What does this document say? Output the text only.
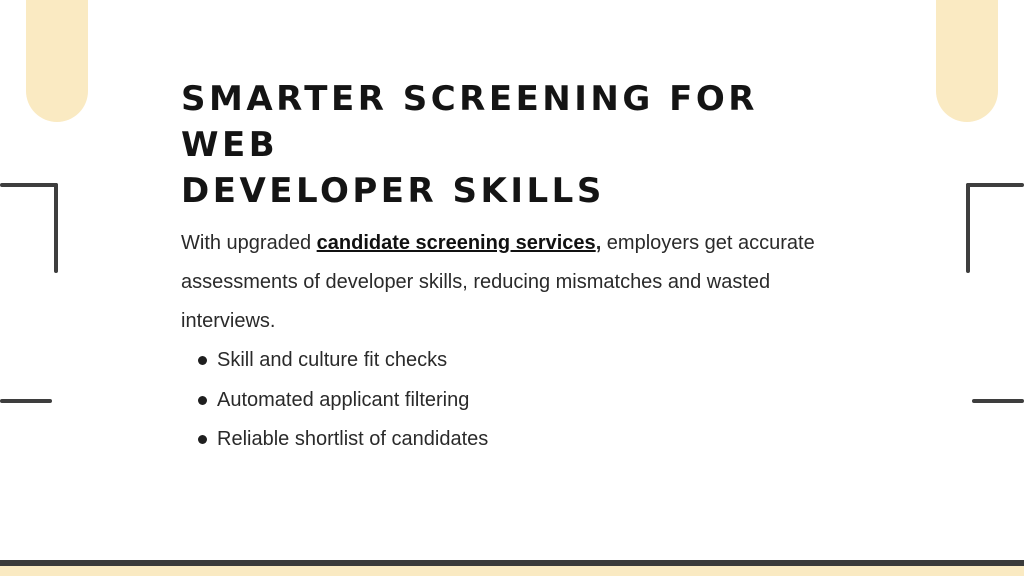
SMARTER SCREENING FOR WEB
DEVELOPER SKILLS

With upgraded candidate screening services, employers get accurate assessments of developer skills, reducing mismatches and wasted interviews.

Skill and culture fit checks
Automated applicant filtering
Reliable shortlist of candidates
